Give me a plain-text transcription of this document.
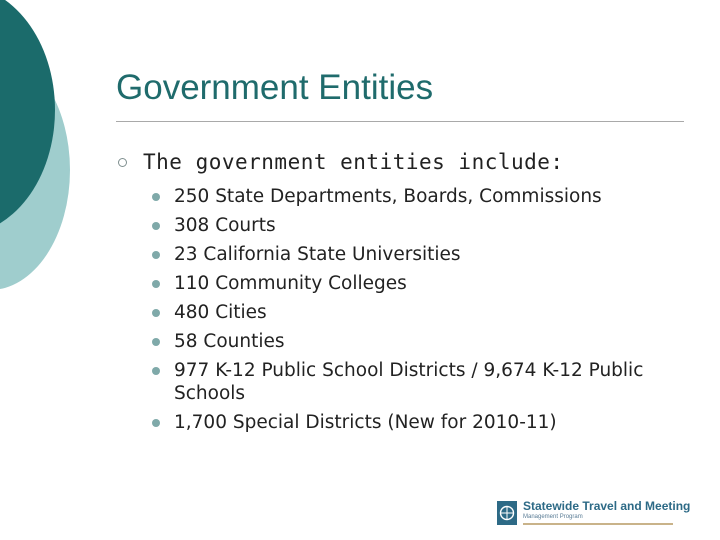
Government Entities
The government entities include:
250 State Departments, Boards, Commissions
308 Courts
23 California State Universities
110 Community Colleges
480 Cities
58 Counties
977 K-12 Public School Districts / 9,674 K-12 Public Schools
1,700 Special Districts (New for 2010-11)
Statewide Travel and Meeting
Management Program
